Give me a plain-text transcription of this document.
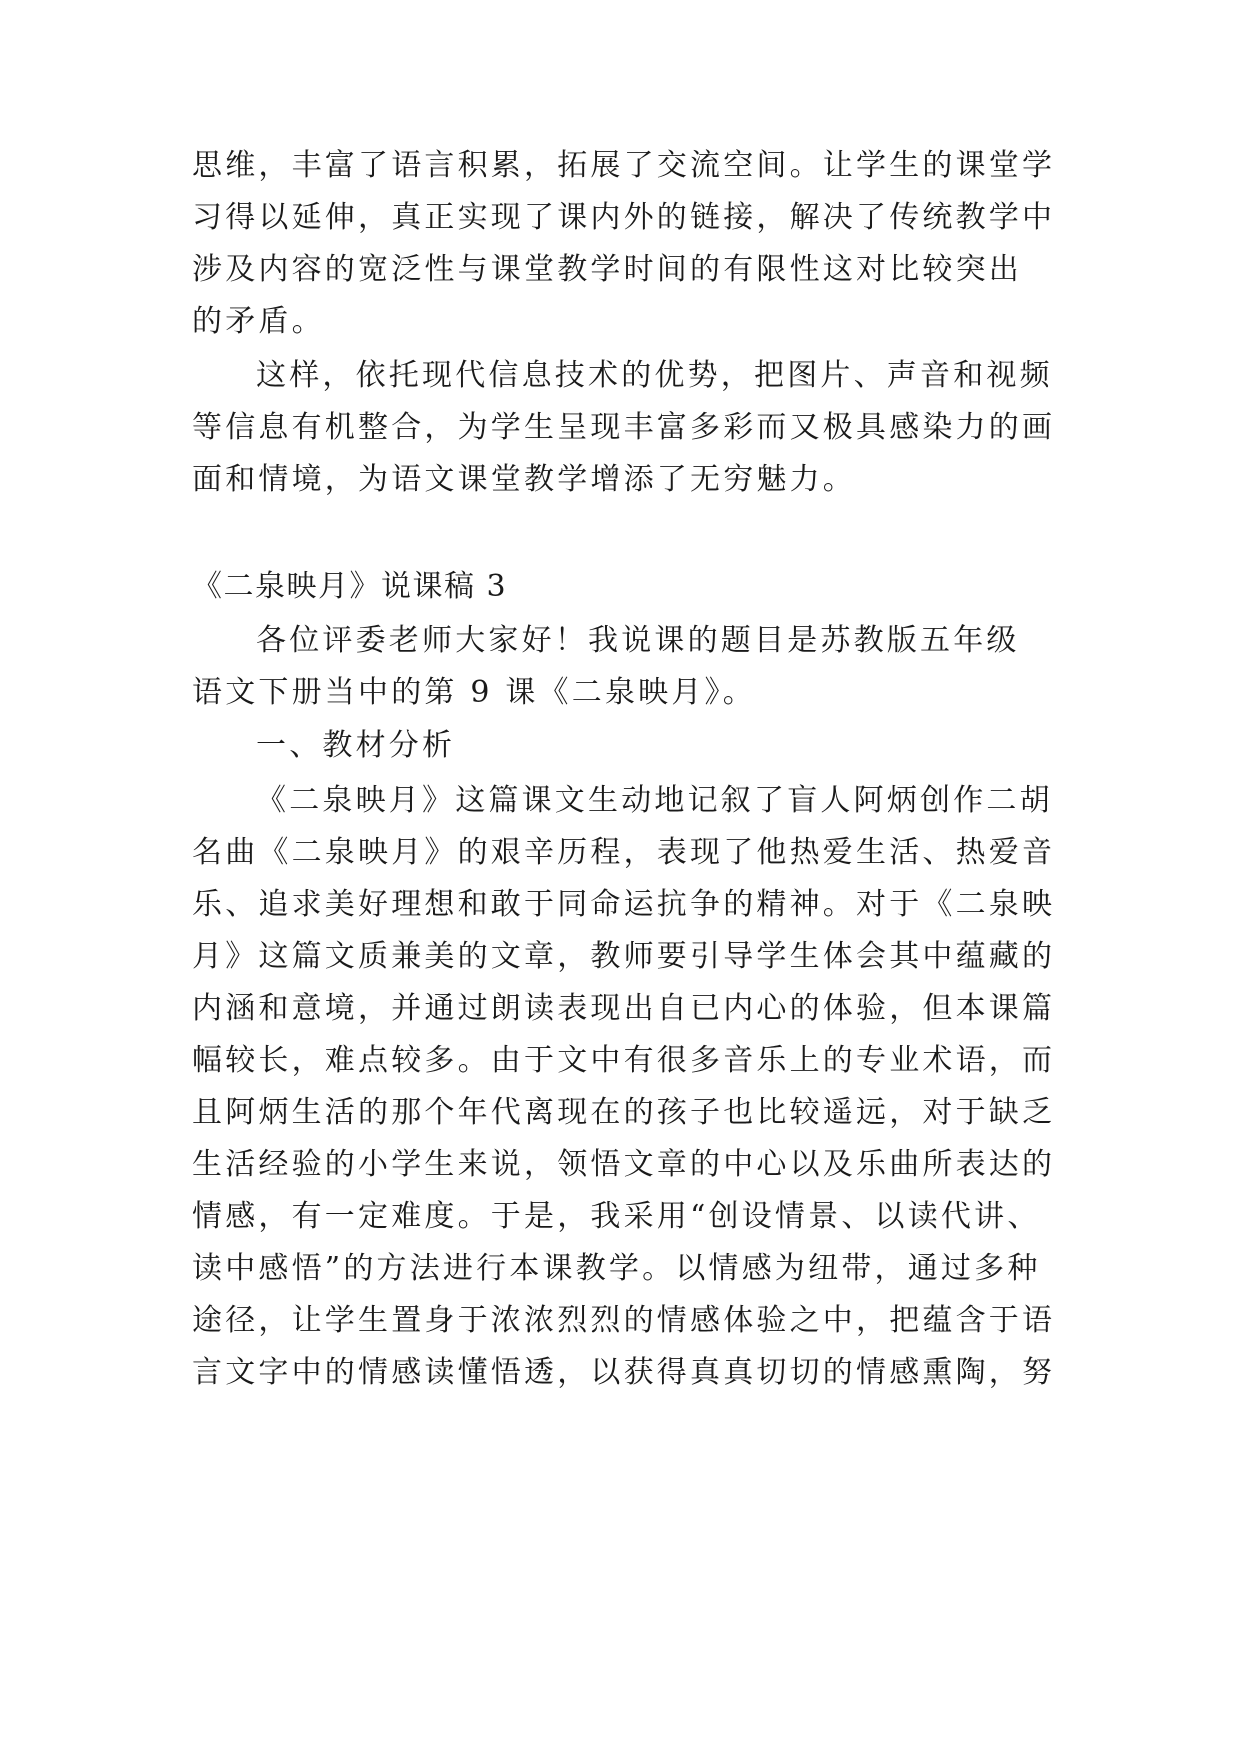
思维，丰富了语言积累，拓展了交流空间。让学生的课堂学
习得以延伸，真正实现了课内外的链接，解决了传统教学中
涉及内容的宽泛性与课堂教学时间的有限性这对比较突出
的矛盾。
这样，依托现代信息技术的优势，把图片、声音和视频
等信息有机整合，为学生呈现丰富多彩而又极具感染力的画
面和情境，为语文课堂教学增添了无穷魅力。
《二泉映月》说课稿 3
各位评委老师大家好！我说课的题目是苏教版五年级
语文下册当中的第 9 课《二泉映月》。
一、教材分析
《二泉映月》这篇课文生动地记叙了盲人阿炳创作二胡
名曲《二泉映月》的艰辛历程，表现了他热爱生活、热爱音
乐、追求美好理想和敢于同命运抗争的精神。对于《二泉映
月》这篇文质兼美的文章，教师要引导学生体会其中蕴藏的
内涵和意境，并通过朗读表现出自已内心的体验，但本课篇
幅较长，难点较多。由于文中有很多音乐上的专业术语，而
且阿炳生活的那个年代离现在的孩子也比较遥远，对于缺乏
生活经验的小学生来说，领悟文章的中心以及乐曲所表达的
情感，有一定难度。于是，我采用“创设情景、以读代讲、
读中感悟”的方法进行本课教学。以情感为纽带，通过多种
途径，让学生置身于浓浓烈烈的情感体验之中，把蕴含于语
言文字中的情感读懂悟透，以获得真真切切的情感熏陶，努
